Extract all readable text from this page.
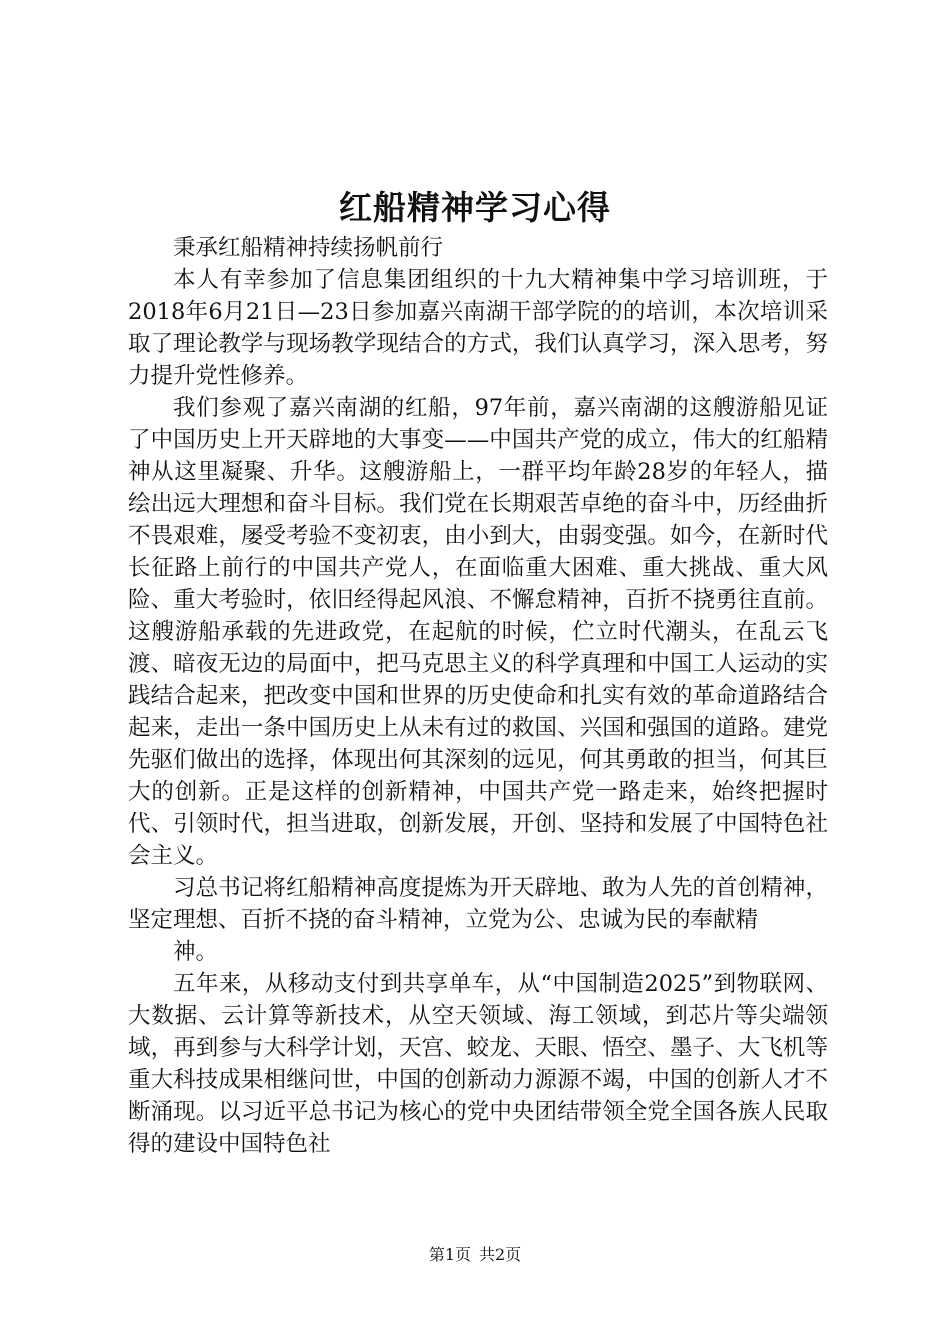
红船精神学习心得

秉承红船精神持续扬帆前行

本人有幸参加了信息集团组织的十九大精神集中学习培训班，于2018年6月21日—23日参加嘉兴南湖干部学院的的培训，本次培训采取了理论教学与现场教学现结合的方式，我们认真学习，深入思考，努力提升党性修养。

我们参观了嘉兴南湖的红船，97年前，嘉兴南湖的这艘游船见证了中国历史上开天辟地的大事变——中国共产党的成立，伟大的红船精神从这里凝聚、升华。这艘游船上，一群平均年龄28岁的年轻人，描绘出远大理想和奋斗目标。我们党在长期艰苦卓绝的奋斗中，历经曲折不畏艰难，屡受考验不变初衷，由小到大，由弱变强。如今，在新时代长征路上前行的中国共产党人，在面临重大困难、重大挑战、重大风险、重大考验时，依旧经得起风浪、不懈怠精神，百折不挠勇往直前。这艘游船承载的先进政党，在起航的时候，伫立时代潮头，在乱云飞渡、暗夜无边的局面中，把马克思主义的科学真理和中国工人运动的实践结合起来，把改变中国和世界的历史使命和扎实有效的革命道路结合起来，走出一条中国历史上从未有过的救国、兴国和强国的道路。建党先驱们做出的选择，体现出何其深刻的远见，何其勇敢的担当，何其巨大的创新。正是这样的创新精神，中国共产党一路走来，始终把握时代、引领时代，担当进取，创新发展，开创、坚持和发展了中国特色社会主义。

习总书记将红船精神高度提炼为开天辟地、敢为人先的首创精神，坚定理想、百折不挠的奋斗精神，立党为公、忠诚为民的奉献精

神。

五年来，从移动支付到共享单车，从“中国制造2025”到物联网、大数据、云计算等新技术，从空天领域、海工领域，到芯片等尖端领域，再到参与大科学计划，天宫、蛟龙、天眼、悟空、墨子、大飞机等重大科技成果相继问世，中国的创新动力源源不竭，中国的创新人才不断涌现。以习近平总书记为核心的党中央团结带领全党全国各族人民取得的建设中国特色社

第1页 共2页
